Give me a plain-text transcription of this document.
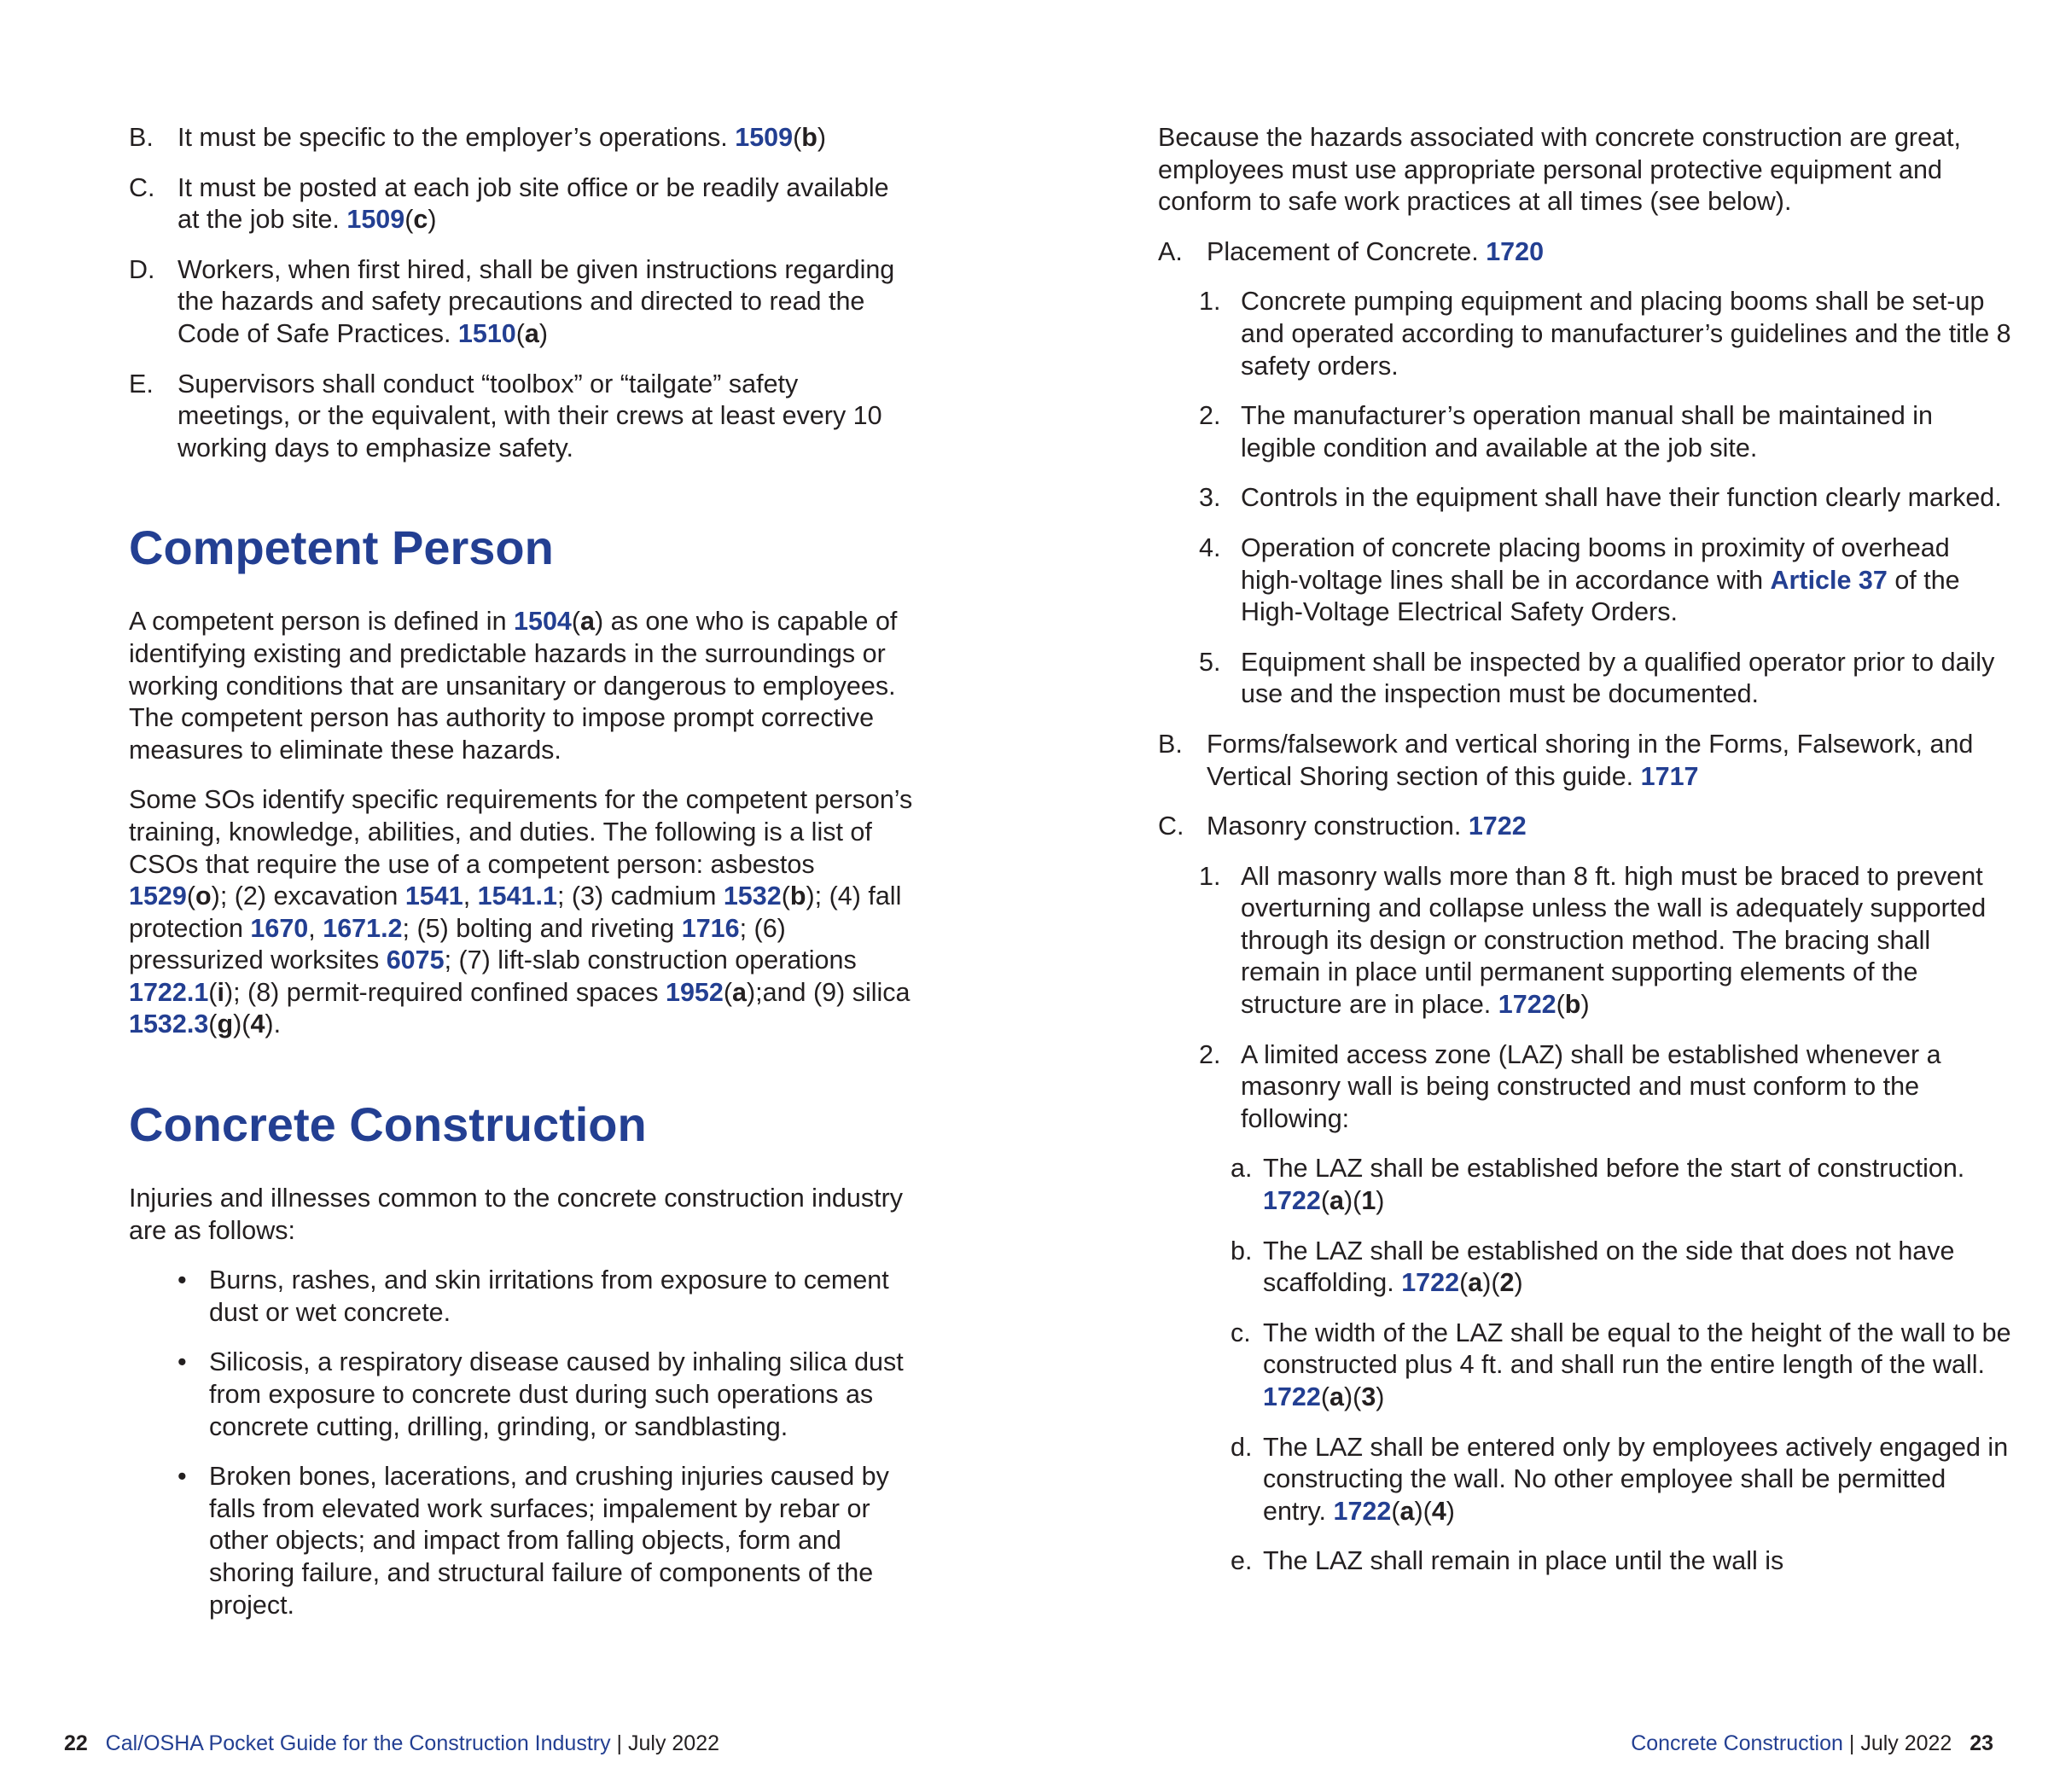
B. It must be specific to the employer’s operations. 1509(b)
C. It must be posted at each job site office or be readily available at the job site. 1509(c)
D. Workers, when first hired, shall be given instructions regarding the hazards and safety precautions and directed to read the Code of Safe Practices. 1510(a)
E. Supervisors shall conduct “toolbox” or “tailgate” safety meetings, or the equivalent, with their crews at least every 10 working days to emphasize safety.
Competent Person

A competent person is defined in 1504(a) as one who is capable of identifying existing and predictable hazards in the surroundings or working conditions that are unsanitary or dangerous to employees. The competent person has authority to impose prompt corrective measures to eliminate these hazards.

Some SOs identify specific requirements for the competent person’s training, knowledge, abilities, and duties. The following is a list of CSOs that require the use of a competent person: asbestos 1529(o); (2) excavation 1541, 1541.1; (3) cadmium 1532(b); (4) fall protection 1670, 1671.2; (5) bolting and riveting 1716; (6) pressurized worksites 6075; (7) lift-slab construction operations 1722.1(i); (8) permit-required confined spaces 1952(a);and (9) silica 1532.3(g)(4).

Concrete Construction

Injuries and illnesses common to the concrete construction industry are as follows:

• Burns, rashes, and skin irritations from exposure to cement dust or wet concrete.
• Silicosis, a respiratory disease caused by inhaling silica dust from exposure to concrete dust during such operations as concrete cutting, drilling, grinding, or sandblasting.
• Broken bones, lacerations, and crushing injuries caused by falls from elevated work surfaces; impalement by rebar or other objects; and impact from falling objects, form and shoring failure, and structural failure of components of the project.
22 Cal/OSHA Pocket Guide for the Construction Industry | July 2022

Because the hazards associated with concrete construction are great, employees must use appropriate personal protective equipment and conform to safe work practices at all times (see below).

A. Placement of Concrete. 1720
1. Concrete pumping equipment and placing booms shall be set-up and operated according to manufacturer’s guidelines and the title 8 safety orders.
2. The manufacturer’s operation manual shall be maintained in legible condition and available at the job site.
3. Controls in the equipment shall have their function clearly marked.
4. Operation of concrete placing booms in proximity of overhead high-voltage lines shall be in accordance with Article 37 of the High-Voltage Electrical Safety Orders.
5. Equipment shall be inspected by a qualified operator prior to daily use and the inspection must be documented.
B. Forms/falsework and vertical shoring in the Forms, Falsework, and Vertical Shoring section of this guide. 1717
C. Masonry construction. 1722
1. All masonry walls more than 8 ft. high must be braced to prevent overturning and collapse unless the wall is adequately supported through its design or construction method. The bracing shall remain in place until permanent supporting elements of the structure are in place. 1722(b)
2. A limited access zone (LAZ) shall be established whenever a masonry wall is being constructed and must conform to the following:
a. The LAZ shall be established before the start of construction. 1722(a)(1)
b. The LAZ shall be established on the side that does not have scaffolding. 1722(a)(2)
c. The width of the LAZ shall be equal to the height of the wall to be constructed plus 4 ft. and shall run the entire length of the wall. 1722(a)(3)
d. The LAZ shall be entered only by employees actively engaged in constructing the wall. No other employee shall be permitted entry. 1722(a)(4)
e. The LAZ shall remain in place until the wall is
Concrete Construction | July 2022 23
